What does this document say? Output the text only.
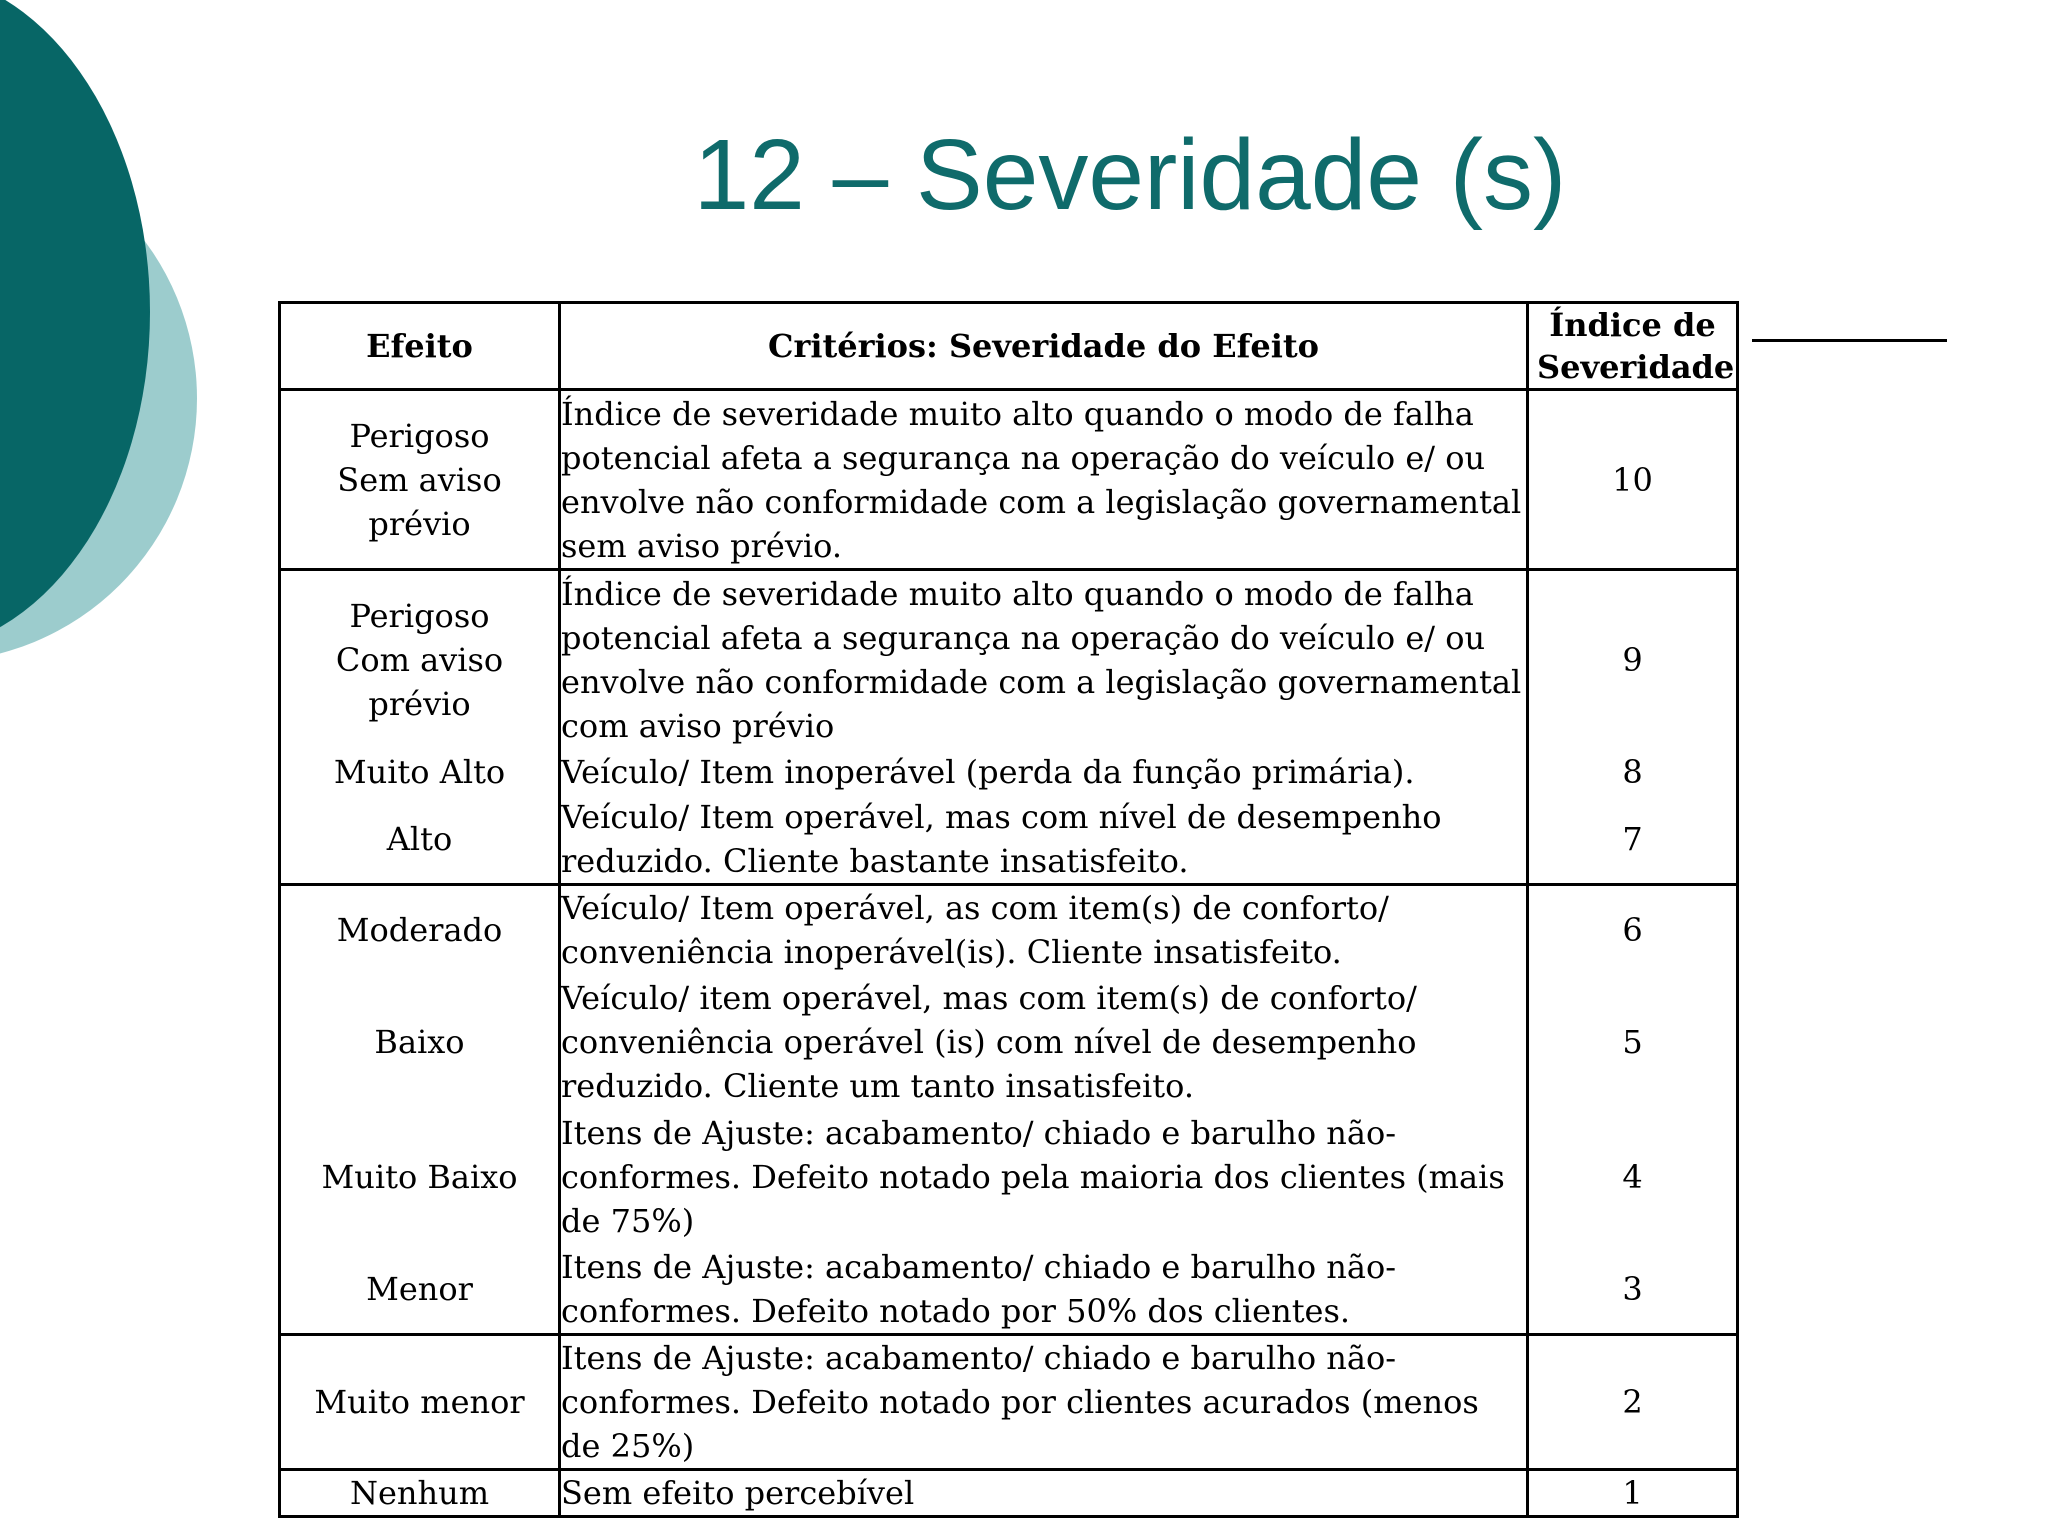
12 – Severidade (s)
Efeito	Critérios: Severidade do Efeito	Índice de Severidade
Perigoso Sem aviso prévio	Índice de severidade muito alto quando o modo de falha potencial afeta a segurança na operação do veículo e/ ou envolve não conformidade com a legislação governamental sem aviso prévio.	10
Perigoso Com aviso prévio	Índice de severidade muito alto quando o modo de falha potencial afeta a segurança na operação do veículo e/ ou envolve não conformidade com a legislação governamental com aviso prévio	9
Muito Alto	Veículo/ Item inoperável (perda da função primária).	8
Alto	Veículo/ Item operável, mas com nível de desempenho reduzido. Cliente bastante insatisfeito.	7
Moderado	Veículo/ Item operável, as com item(s) de conforto/ conveniência inoperável(is). Cliente insatisfeito.	6
Baixo	Veículo/ item operável, mas com item(s) de conforto/ conveniência operável (is) com nível de desempenho reduzido. Cliente um tanto insatisfeito.	5
Muito Baixo	Itens de Ajuste: acabamento/ chiado e barulho não-conformes. Defeito notado pela maioria dos clientes (mais de 75%)	4
Menor	Itens de Ajuste: acabamento/ chiado e barulho não-conformes. Defeito notado por 50% dos clientes.	3
Muito menor	Itens de Ajuste: acabamento/ chiado e barulho não-conformes. Defeito notado por clientes acurados (menos de 25%)	2
Nenhum	Sem efeito percebível	1
